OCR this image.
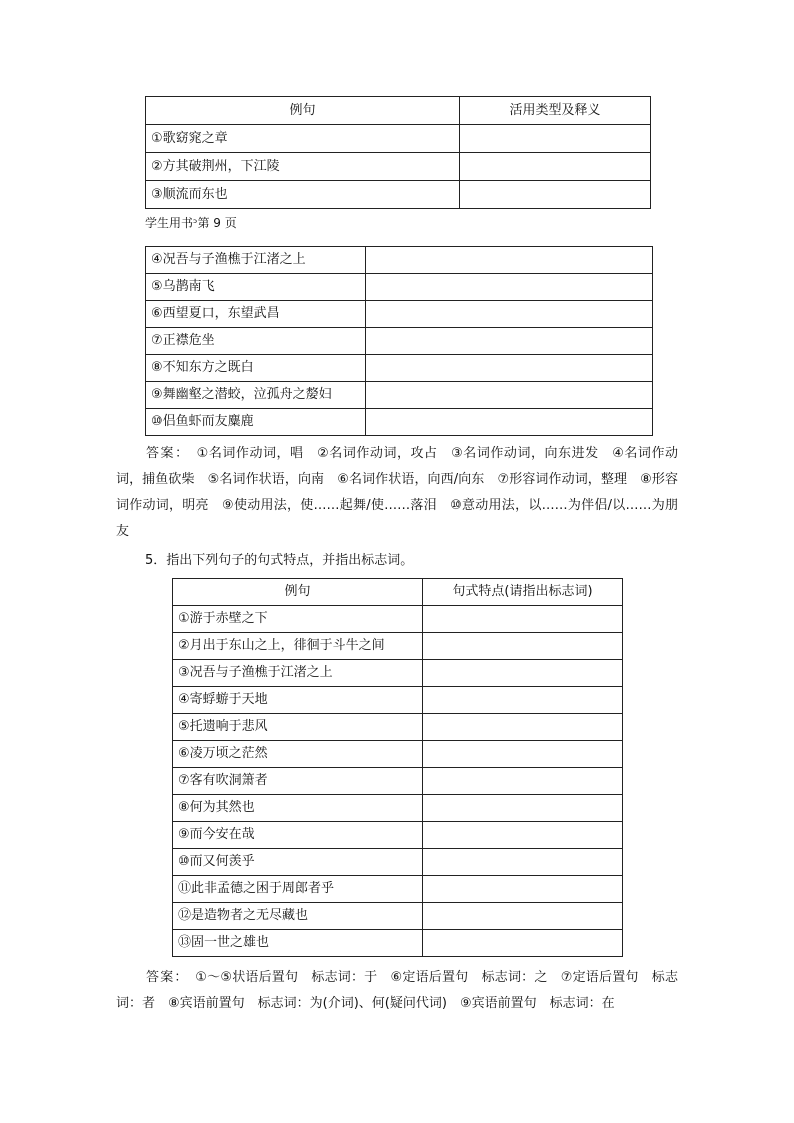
例句	活用类型及释义
①歌窈窕之章	
②方其破荆州，下江陵	
③顺流而东也	
学生用书ᵓ第 9 页
④况吾与子渔樵于江渚之上	
⑤乌鹊南飞	
⑥西望夏口，东望武昌	
⑦正襟危坐	
⑧不知东方之既白	
⑨舞幽壑之潜蛟，泣孤舟之嫠妇	
⑩侣鱼虾而友麋鹿	
答案：　 ①名词作动词，唱　②名词作动词，攻占　③名词作动词，向东进发　④名词作动词，捕鱼砍柴　⑤名词作状语，向南　⑥名词作状语，向西/向东　⑦形容词作动词，整理　⑧形容词作动词，明亮　⑨使动用法，使……起舞/使……落泪　⑩意动用法，以……为伴侣/以……为朋友
5．指出下列句子的句式特点，并指出标志词。
例句	句式特点(请指出标志词)
①游于赤壁之下	
②月出于东山之上，徘徊于斗牛之间	
③况吾与子渔樵于江渚之上	
④寄蜉蝣于天地	
⑤托遗响于悲风	
⑥凌万顷之茫然	
⑦客有吹洞箫者	
⑧何为其然也	
⑨而今安在哉	
⑩而又何羡乎	
⑪此非孟德之困于周郎者乎	
⑫是造物者之无尽藏也	
⑬固一世之雄也	
答案：　 ①～⑤状语后置句　标志词：于　⑥定语后置句　标志词：之　⑦定语后置句　标志词：者　⑧宾语前置句　标志词：为(介词)、何(疑问代词)　⑨宾语前置句　标志词：在
